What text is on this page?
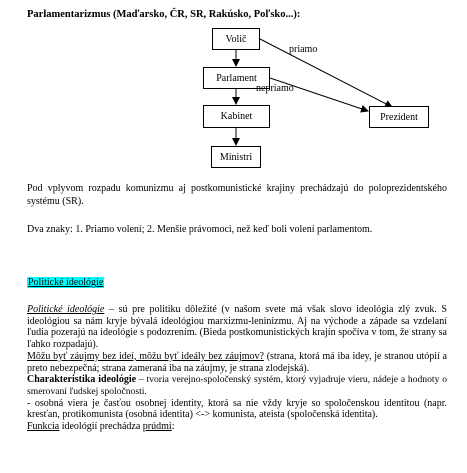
Parlamentarizmus (Maďarsko, ČR, SR, Rakúsko, Poľsko...):

Volič
Parlament
Kabinet	Prezident
Ministri
priamo
nepriamo

Pod vplyvom rozpadu komunizmu aj postkomunistické krajiny prechádzajú do poloprezidentského systému (SR).

Dva znaky: 1. Priamo volení; 2. Menšie právomoci, než keď boli volení parlamentom.

Politické ideológie

Politické ideológie – sú pre politiku dôležité (v našom svete má však slovo ideológia zlý zvuk. S ideológiou sa nám kryje bývalá ideológiou marxizmu-leninizmu. Aj na východe a západe sa vzdelaní ľudia pozerajú na ideológie s podozrením. (Bieda postkomunistických krajín spočíva v tom, že strany sa ľahko rozpadajú).

Môžu byť záujmy bez ideí, môžu byť ideály bez záujmov? (strana, ktorá má iba idey, je stranou utópií a preto nebezpečná; strana zameraná iba na záujmy, je strana zlodejská).

Charakteristika ideológie – tvoria verejno-spoločenský systém, ktorý vyjadruje vieru, nádeje a hodnoty o smerovaní ľudskej spoločnosti.

- osobná viera je časťou osobnej identity, ktorá sa nie vždy kryje so spoločenskou identitou (napr. kresťan, protikomunista (osobná identita) <-> komunista, ateista (spoločenská identita).

Funkcia ideológií prechádza prúdmi:
